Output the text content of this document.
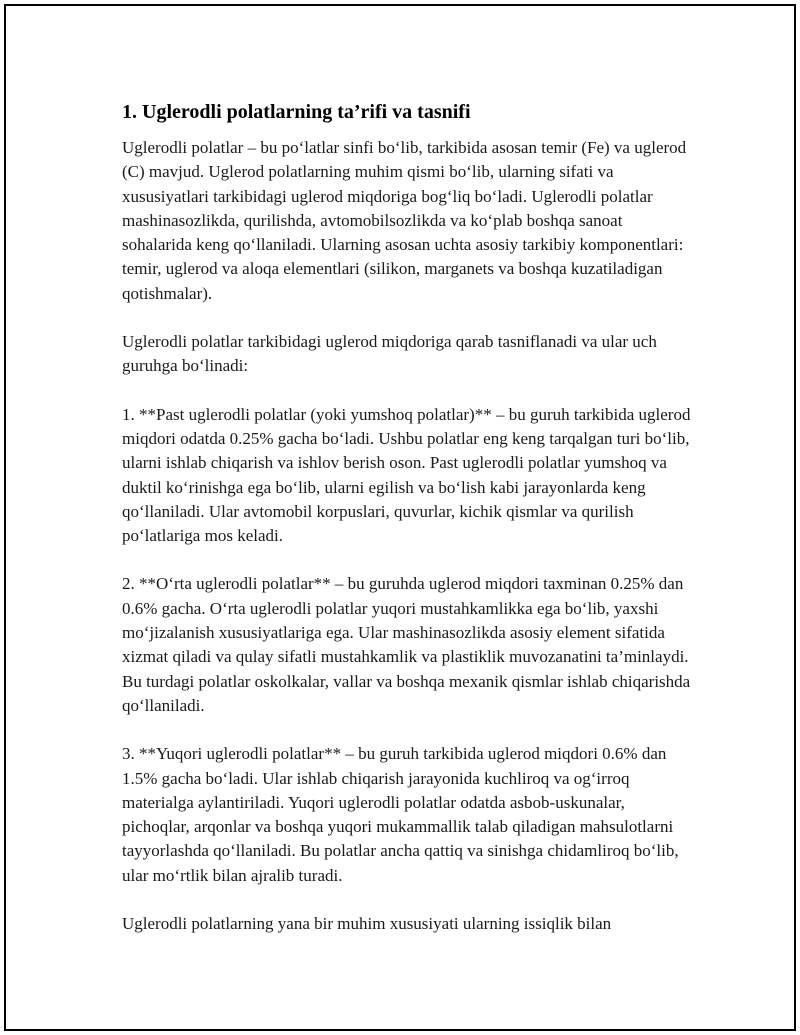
1. Uglerodli polatlarning ta’rifi va tasnifi

Uglerodli polatlar – bu poʻlatlar sinfi boʻlib, tarkibida asosan temir (Fe) va uglerod (C) mavjud. Uglerod polatlarning muhim qismi boʻlib, ularning sifati va xususiyatlari tarkibidagi uglerod miqdoriga bogʻliq boʻladi. Uglerodli polatlar mashinasozlikda, qurilishda, avtomobilsozlikda va koʻplab boshqa sanoat sohalarida keng qoʻllaniladi. Ularning asosan uchta asosiy tarkibiy komponentlari: temir, uglerod va aloqa elementlari (silikon, marganets va boshqa kuzatiladigan qotishmalar).

Uglerodli polatlar tarkibidagi uglerod miqdoriga qarab tasniflanadi va ular uch guruhga boʻlinadi:

1. **Past uglerodli polatlar (yoki yumshoq polatlar)** – bu guruh tarkibida uglerod miqdori odatda 0.25% gacha boʻladi. Ushbu polatlar eng keng tarqalgan turi boʻlib, ularni ishlab chiqarish va ishlov berish oson. Past uglerodli polatlar yumshoq va duktil koʻrinishga ega boʻlib, ularni egilish va boʻlish kabi jarayonlarda keng qoʻllaniladi. Ular avtomobil korpuslari, quvurlar, kichik qismlar va qurilish poʻlatlariga mos keladi.

2. **Oʻrta uglerodli polatlar** – bu guruhda uglerod miqdori taxminan 0.25% dan 0.6% gacha. Oʻrta uglerodli polatlar yuqori mustahkamlikka ega boʻlib, yaxshi moʻjizalanish xususiyatlariga ega. Ular mashinasozlikda asosiy element sifatida xizmat qiladi va qulay sifatli mustahkamlik va plastiklik muvozanatini ta’minlaydi. Bu turdagi polatlar oskolkalar, vallar va boshqa mexanik qismlar ishlab chiqarishda qoʻllaniladi.

3. **Yuqori uglerodli polatlar** – bu guruh tarkibida uglerod miqdori 0.6% dan 1.5% gacha boʻladi. Ular ishlab chiqarish jarayonida kuchliroq va ogʻirroq materialga aylantiriladi. Yuqori uglerodli polatlar odatda asbob-uskunalar, pichoqlar, arqonlar va boshqa yuqori mukammallik talab qiladigan mahsulotlarni tayyorlashda qoʻllaniladi. Bu polatlar ancha qattiq va sinishga chidamliroq boʻlib, ular moʻrtlik bilan ajralib turadi.

Uglerodli polatlarning yana bir muhim xususiyati ularning issiqlik bilan
